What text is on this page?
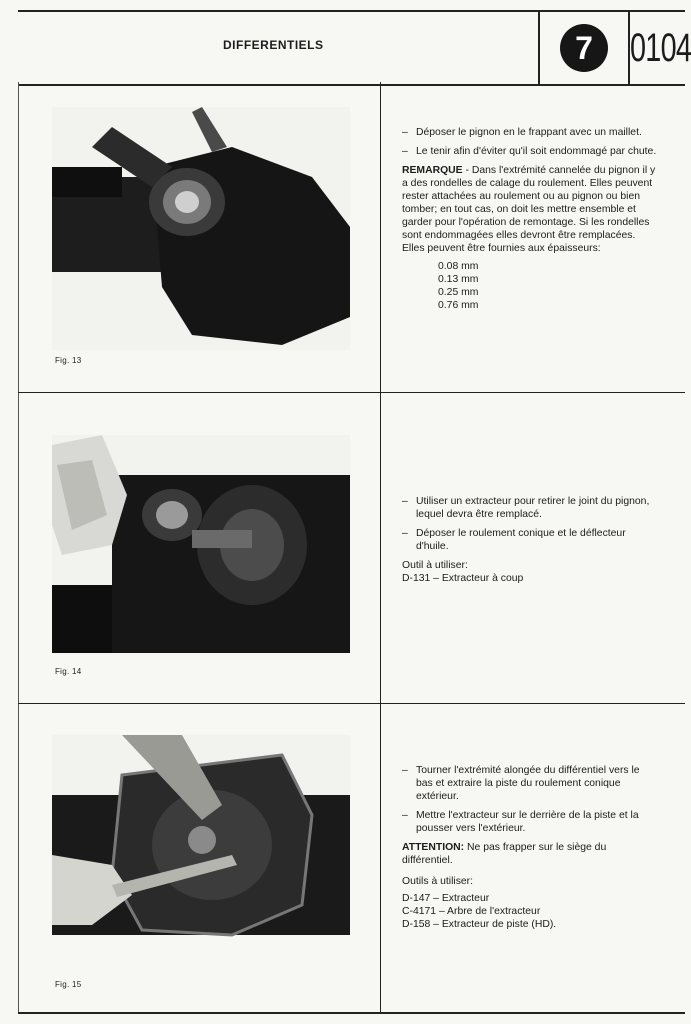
DIFFERENTIELS	7 0104
Fig. 13
– Déposer le pignon en le frappant avec un maillet.
– Le tenir afin d'éviter qu'il soit endommagé par chute.

REMARQUE - Dans l'extrémité cannelée du pignon il y a des rondelles de calage du roulement. Elles peuvent rester attachées au roulement ou au pignon ou bien tomber; en tout cas, on doit les mettre ensemble et garder pour l'opération de remontage. Si les rondelles sont endommagées elles devront être remplacées. Elles peuvent être fournies aux épaisseurs:

0.08 mm
0.13 mm
0.25 mm
0.76 mm
Fig. 14
– Utiliser un extracteur pour retirer le joint du pignon, lequel devra être remplacé.
– Déposer le roulement conique et le déflecteur d'huile.
Outil à utiliser:
D-131 – Extracteur à coup
Fig. 15
– Tourner l'extrémité alongée du différentiel vers le bas et extraire la piste du roulement conique extérieur.
– Mettre l'extracteur sur le derrière de la piste et la pousser vers l'extérieur.

ATTENTION: Ne pas frapper sur le siège du différentiel.

Outils à utiliser:
D-147 – Extracteur
C-4171 – Arbre de l'extracteur
D-158 – Extracteur de piste (HD).
